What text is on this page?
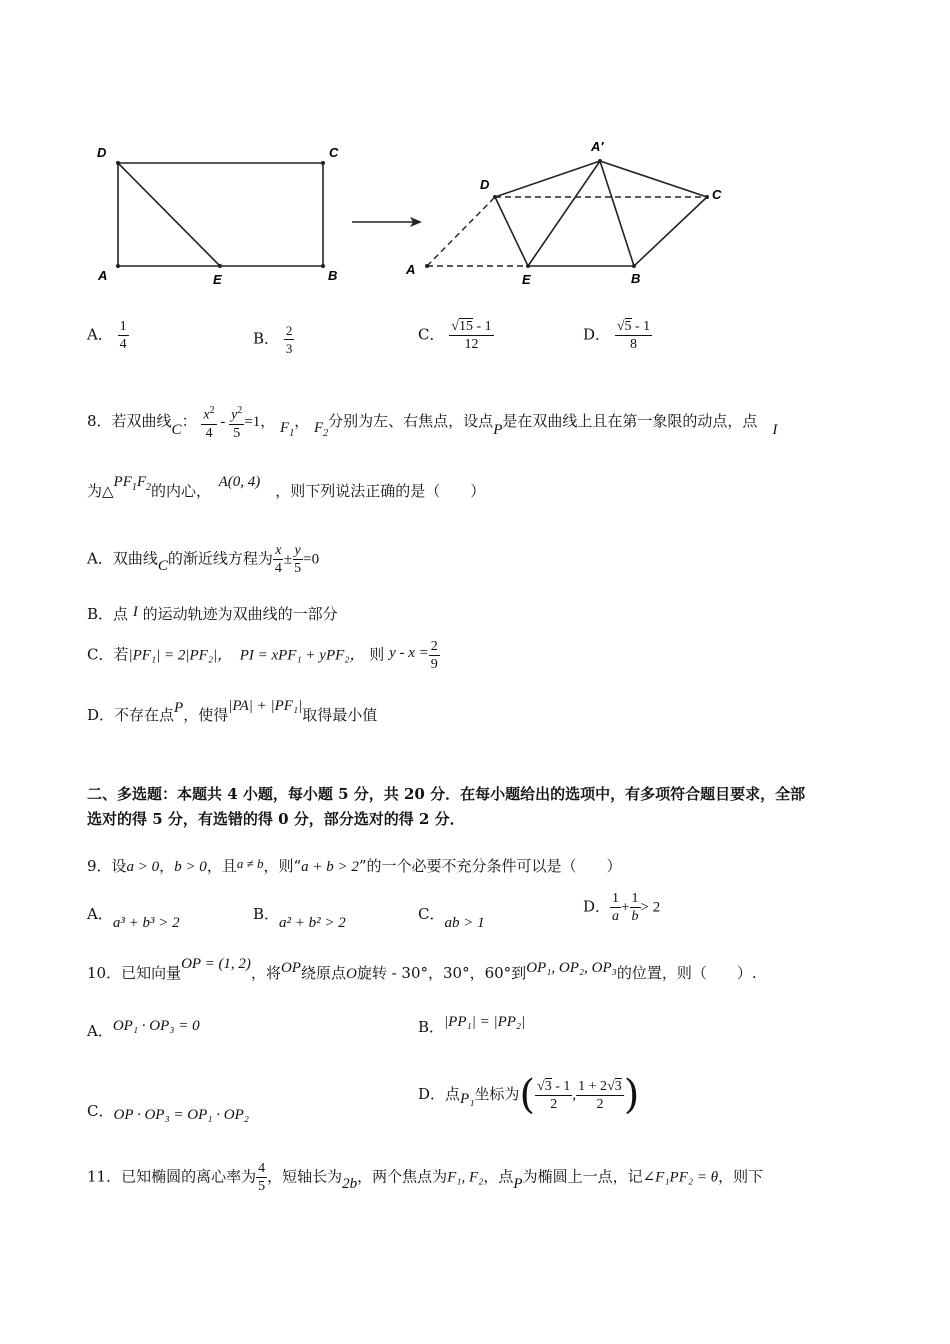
D	C
A	E	B
A′
D
C
A
E	B
A． $\frac{1}{4}$	B． $\frac{2}{3}$	C． $\frac{√15 - 1}{12}$	D． $\frac{√5 - 1}{8}$
8．若双曲线C： $\frac{x^2}{4} - \frac{y^2}{5} =1$， $F_1$， $F_2$分别为左、右焦点，设点P是在双曲线上且在第一象限的动点，点　 I
为$\triangle PF_1F_2$的内心，　 A(0, 4)　 ，则下列说法正确的是（　　）
A．双曲线C的渐近线方程为 $\frac{x}{4} \pm \frac{y}{5} =0$
B．点 I 的运动轨迹为双曲线的一部分
C．若|PF₁| = 2|PF₂|，　 PI = xPF₁ + yPF₂， 则 $y - x = \frac{2}{9}$
D．不存在点P，使得|PA| + |PF₁|取得最小值
二、多选题：本题共 4 小题，每小题 5 分，共 20 分．在每小题给出的选项中，有多项符合题目要求，全部
选对的得 5 分，有选错的得 0 分，部分选对的得 2 分．
9．设a > 0，b > 0，且a ≠ b，则“a + b > 2”的一个必要不充分条件可以是（　　）
A．a³ + b³ > 2	B．a² + b² > 2	C．ab > 1
D． $\frac{1}{a} + \frac{1}{b} > 2$
10．已知向量OP = (1, 2)，将OP绕原点O旋转 - 30°，30°，60°到OP₁, OP₂, OP₃的位置，则（　　）.
A．OP₁ · OP₃ = 0	B．|PP₁| = |PP₂|
C．OP · OP₃ = OP₁ · OP₂
D．点P₁坐标为( $\frac{√3 - 1}{2}$ , $\frac{1 + 2√3}{2}$ )
11．已知椭圆的离心率为 $\frac{4}{5}$ ，短轴长为2b，两个焦点为F₁, F₂，点P为椭圆上一点，记∠F₁PF₂ = θ，则下
